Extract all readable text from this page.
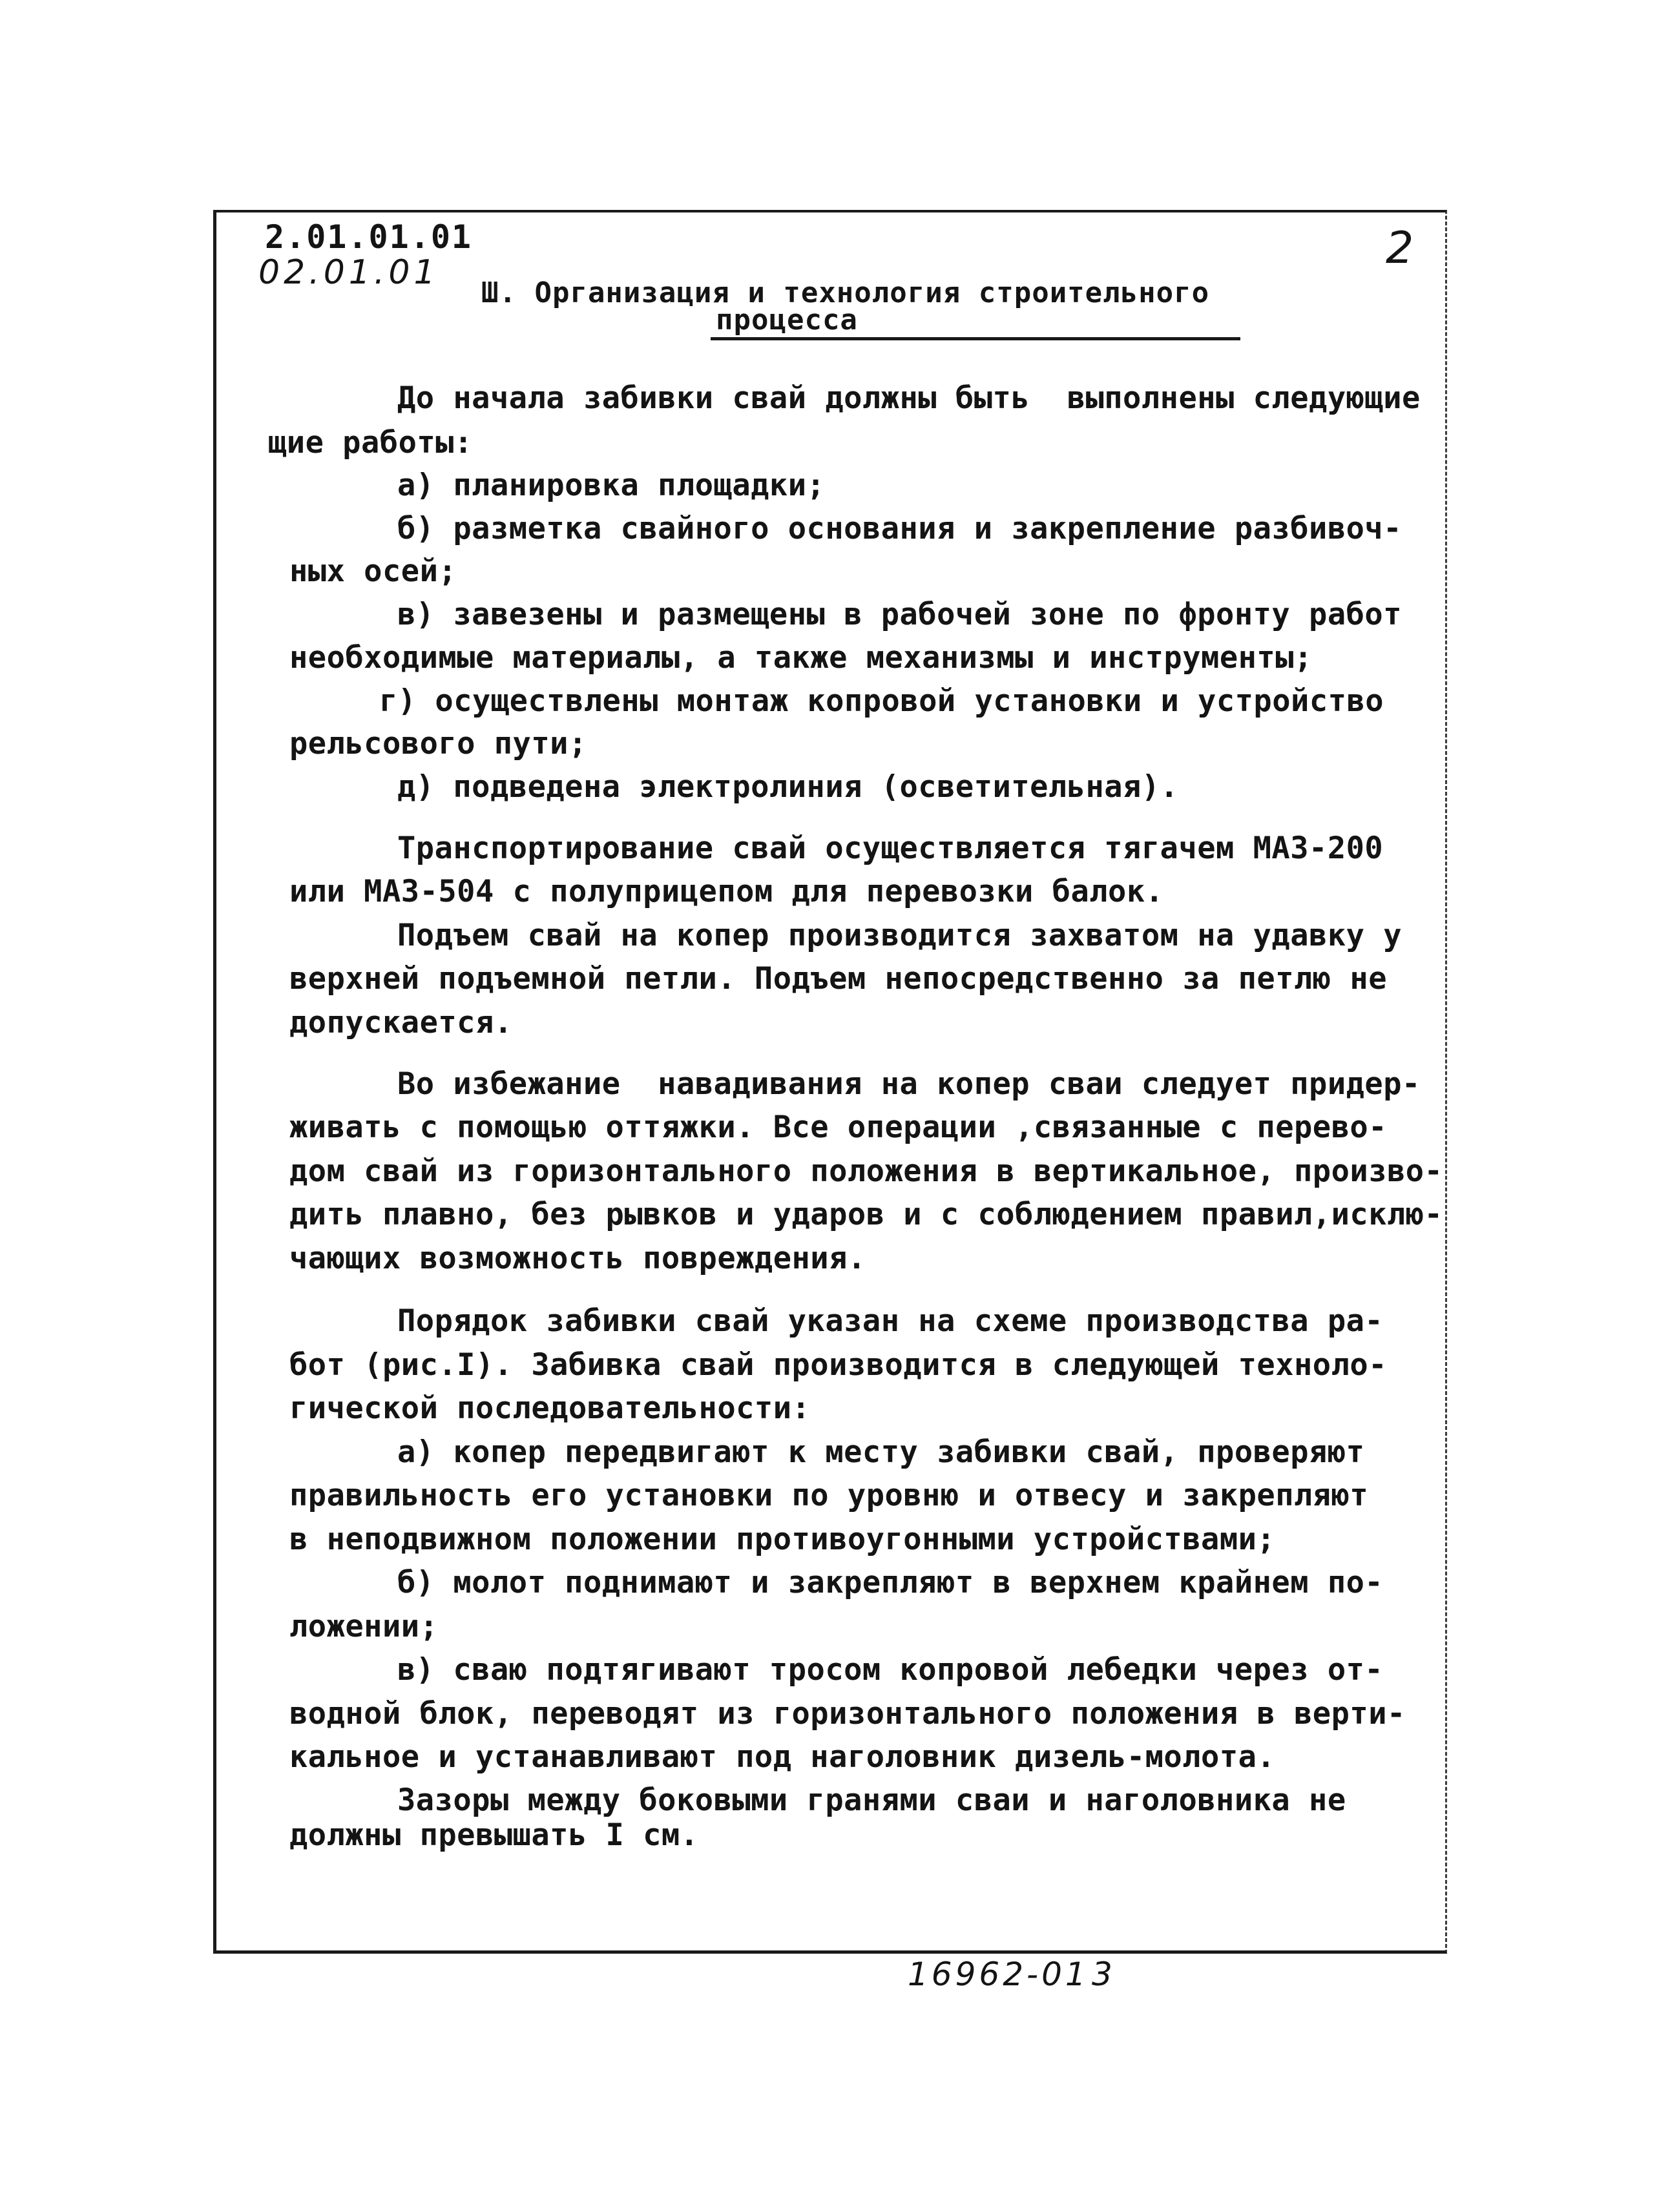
2.01.01.01
02.01.01	2
Ш. Организация и технология строительного
процесса
До начала забивки свай должны быть  выполнены следующие
щие работы:
а) планировка площадки;
б) разметка свайного основания и закрепление разбивоч-
ных осей;
в) завезены и размещены в рабочей зоне по фронту работ
необходимые материалы, а также механизмы и инструменты;
г) осуществлены монтаж копровой установки и устройство
рельсового пути;
д) подведена электролиния (осветительная).
Транспортирование свай осуществляется тягачем МАЗ-200
или МАЗ-504 с полуприцепом для перевозки балок.
Подъем свай на копер производится захватом на удавку у
верхней подъемной петли. Подъем непосредственно за петлю не
допускается.
Во избежание  навадивания на копер сваи следует придер-
живать с помощью оттяжки. Все операции ,связанные с перево-
дом свай из горизонтального положения в вертикальное, произво-
дить плавно, без рывков и ударов и с соблюдением правил,исклю-
чающих возможность повреждения.
Порядок забивки свай указан на схеме производства ра-
бот (рис.I). Забивка свай производится в следующей техноло-
гической последовательности:
а) копер передвигают к месту забивки свай, проверяют
правильность его установки по уровню и отвесу и закрепляют
в неподвижном положении противоугонными устройствами;
б) молот поднимают и закрепляют в верхнем крайнем по-
ложении;
в) сваю подтягивают тросом копровой лебедки через от-
водной блок, переводят из горизонтального положения в верти-
кальное и устанавливают под наголовник дизель-молота.
Зазоры между боковыми гранями сваи и наголовника не
должны превышать I см.
16962-01 3
